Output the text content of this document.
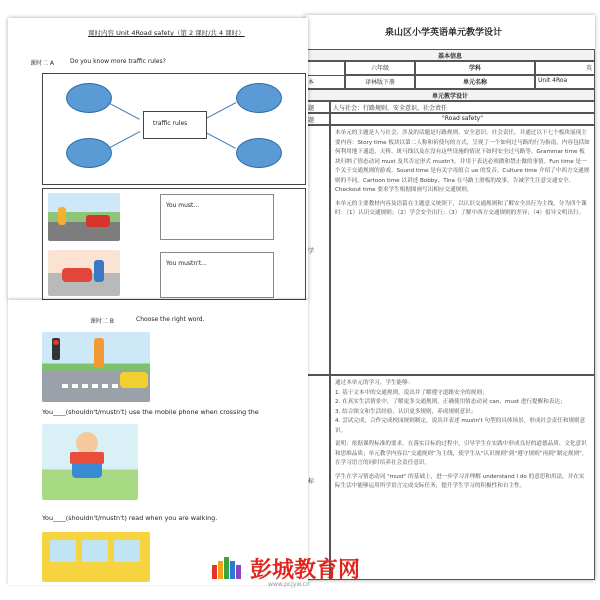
泉山区小学英语单元教学设计
基本信息
六年级	学科	英
本	译林版下册	单元名称	Unit 4Roa
单元教学设计
题	人与社会：行路规则、安全意识、社会责任
题	"Road safety"
学
本单元的主题是人与社会，涉及的话题是行路规则、安全意识、社会责任，并通过以下七个板块展现主要内容：Story time 板块以第二人称和祈使句的方式，呈现了一个如何过马路的行为指南，内容包括如何利用地下通道、天桥、斑马线以及在没有这些设施的情况下如何安全过马路等。Grammar time 板块归纳了情态动词 must 及其否定形式 mustn't，并用于表达必须做和禁止做的事情。Fun time 是一个关于交通规则的游戏。Sound time 是有关字母组合 ue 的发音。Culture time 介绍了中西方交通规则的不同。Cartoon time 以讲述 Bobby、Tina 在马路上滑板的故事，告诫学生注意交通安全。Checkout time 要求学生根据图画写出相应交通规则。
本单元的主要教材内容及语篇在主题意义统领下，以认识交通规则和了解安全出行为主线，分为四个课时：（1）认识交通规则；（2）学会安全出行；（3）了解中西方交通规则的差异；（4）倡导文明出行。
标
通过本单元的学习，学生能够：
1. 基于文本中的交通规则，说出并了解遵守道路安全的规则；
2. 在真实生活情景中，了解更多交通规则，正确使用情态动词 can、must 进行提醒和表达；
3. 结合图文和生活经验，认识更多规则，养成规则意识；
4. 尝试完成，合作完成校园规则制定，说出并表述 mustn't 句型的具体场景，形成社会责任和规则意识。
说明：依据课程标准的要求，在落实目标的过程中，引导学生在实践中形成良好的道德品质、文化意识和思维品质；单元教学内容以“交通规则”为主线，使学生从“认识规则”到“遵守规则”再到“制定规则”，在学习语言的同时培养社会责任意识。
学生在学习情态动词 "must" 的基础上，进一步学习并理解 understand I do 的意思和用法，并在实际生活中能够运用所学语言完成交际任务，提升学生学习的积极性和自主性。
课时内容 Unit 4Road safety（第 2 课时/共 4 课时）
课时二 A	Do you know more traffic rules?
traffic rules
You must...
You mustn't...
课时二 B	Choose the right word.
You____(shouldn't/mustn't) use the mobile phone when crossing the
You____(shouldn't/mustn't) read when you are walking.
彭城教育网
www.pcjyw.cn
